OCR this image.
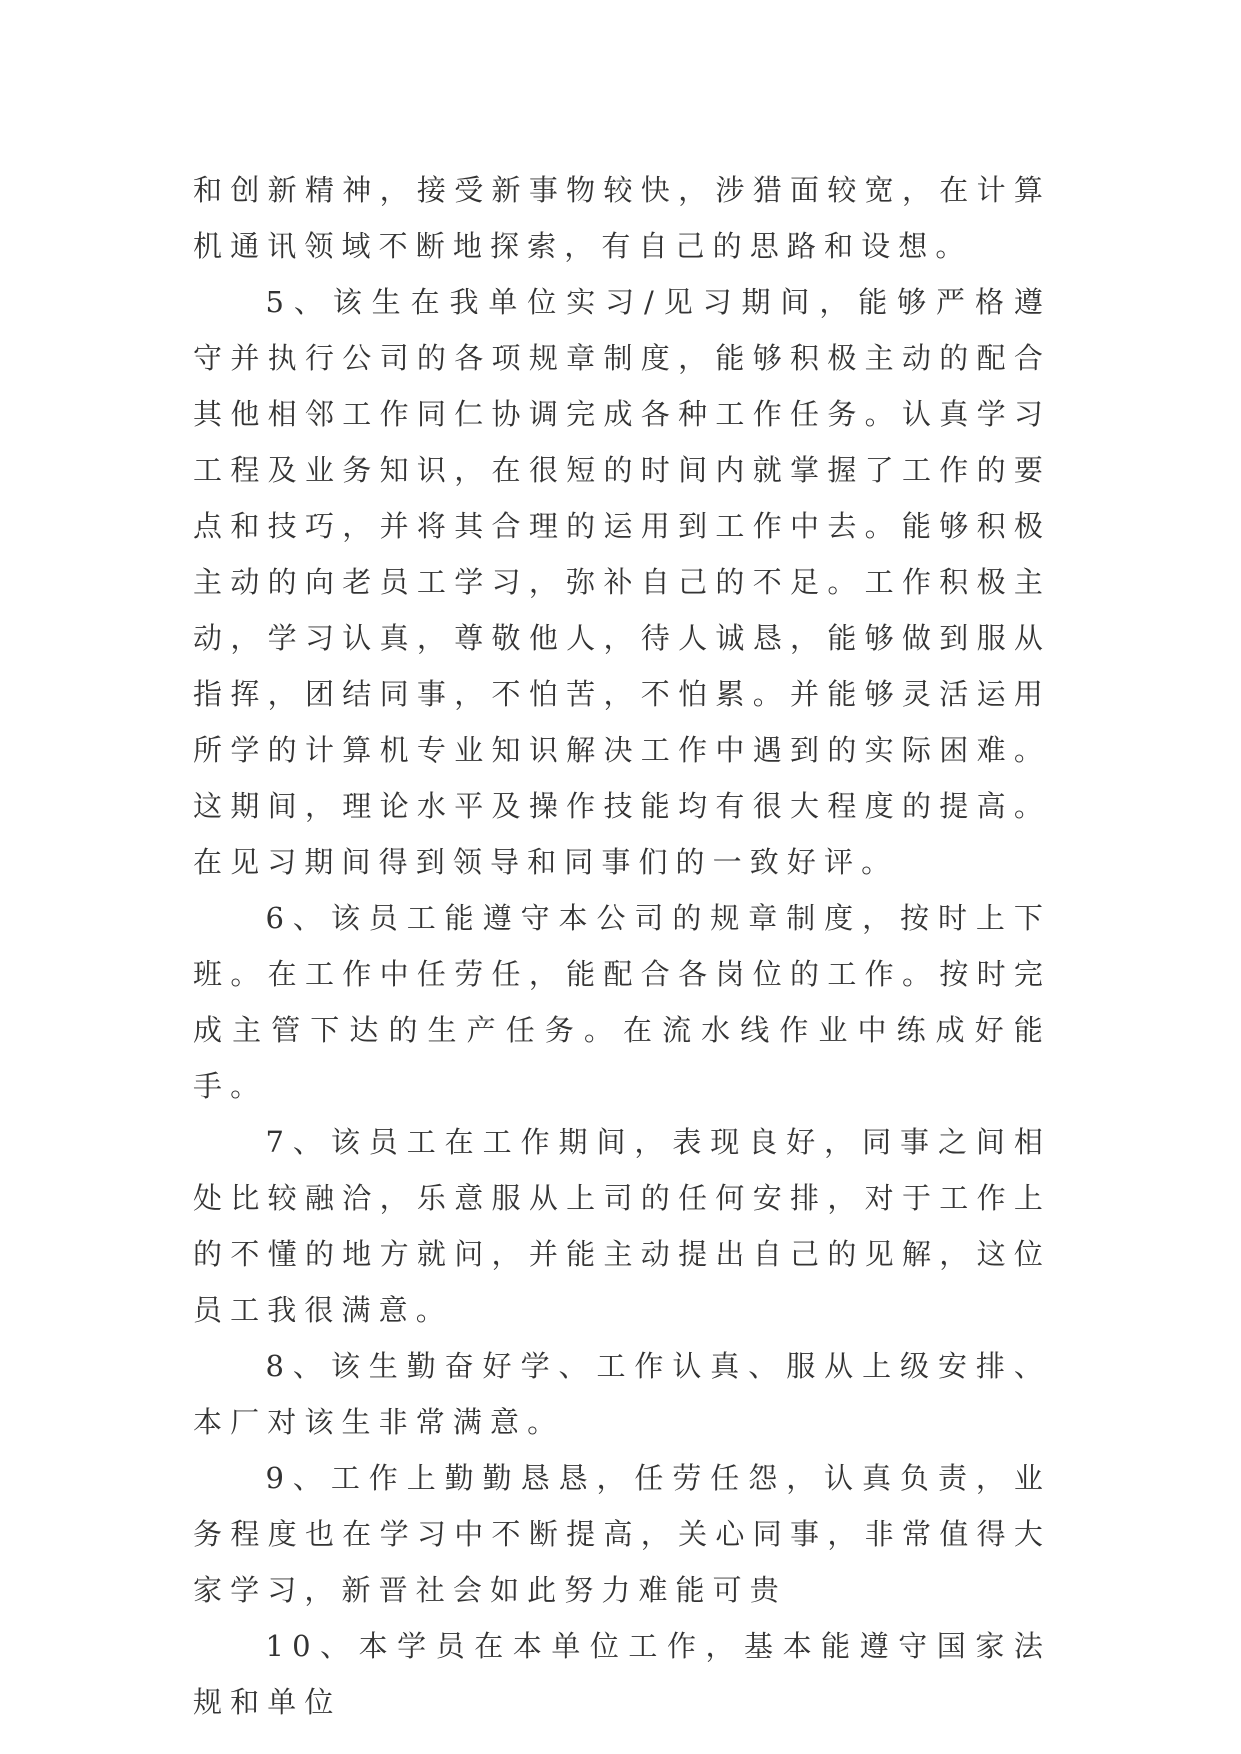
和创新精神，接受新事物较快，涉猎面较宽，在计算机通讯领域不断地探索，有自己的思路和设想。

5、该生在我单位实习/见习期间，能够严格遵守并执行公司的各项规章制度，能够积极主动的配合其他相邻工作同仁协调完成各种工作任务。认真学习工程及业务知识，在很短的时间内就掌握了工作的要点和技巧，并将其合理的运用到工作中去。能够积极主动的向老员工学习，弥补自己的不足。工作积极主动，学习认真，尊敬他人，待人诚恳，能够做到服从指挥，团结同事，不怕苦，不怕累。并能够灵活运用所学的计算机专业知识解决工作中遇到的实际困难。这期间，理论水平及操作技能均有很大程度的提高。在见习期间得到领导和同事们的一致好评。

6、该员工能遵守本公司的规章制度，按时上下班。在工作中任劳任，能配合各岗位的工作。按时完成主管下达的生产任务。在流水线作业中练成好能手。

7、该员工在工作期间，表现良好，同事之间相处比较融洽，乐意服从上司的任何安排，对于工作上的不懂的地方就问，并能主动提出自己的见解，这位员工我很满意。

8、该生勤奋好学、工作认真、服从上级安排、本厂对该生非常满意。

9、工作上勤勤恳恳，任劳任怨，认真负责，业务程度也在学习中不断提高，关心同事，非常值得大家学习，新晋社会如此努力难能可贵

10、本学员在本单位工作，基本能遵守国家法规和单位
